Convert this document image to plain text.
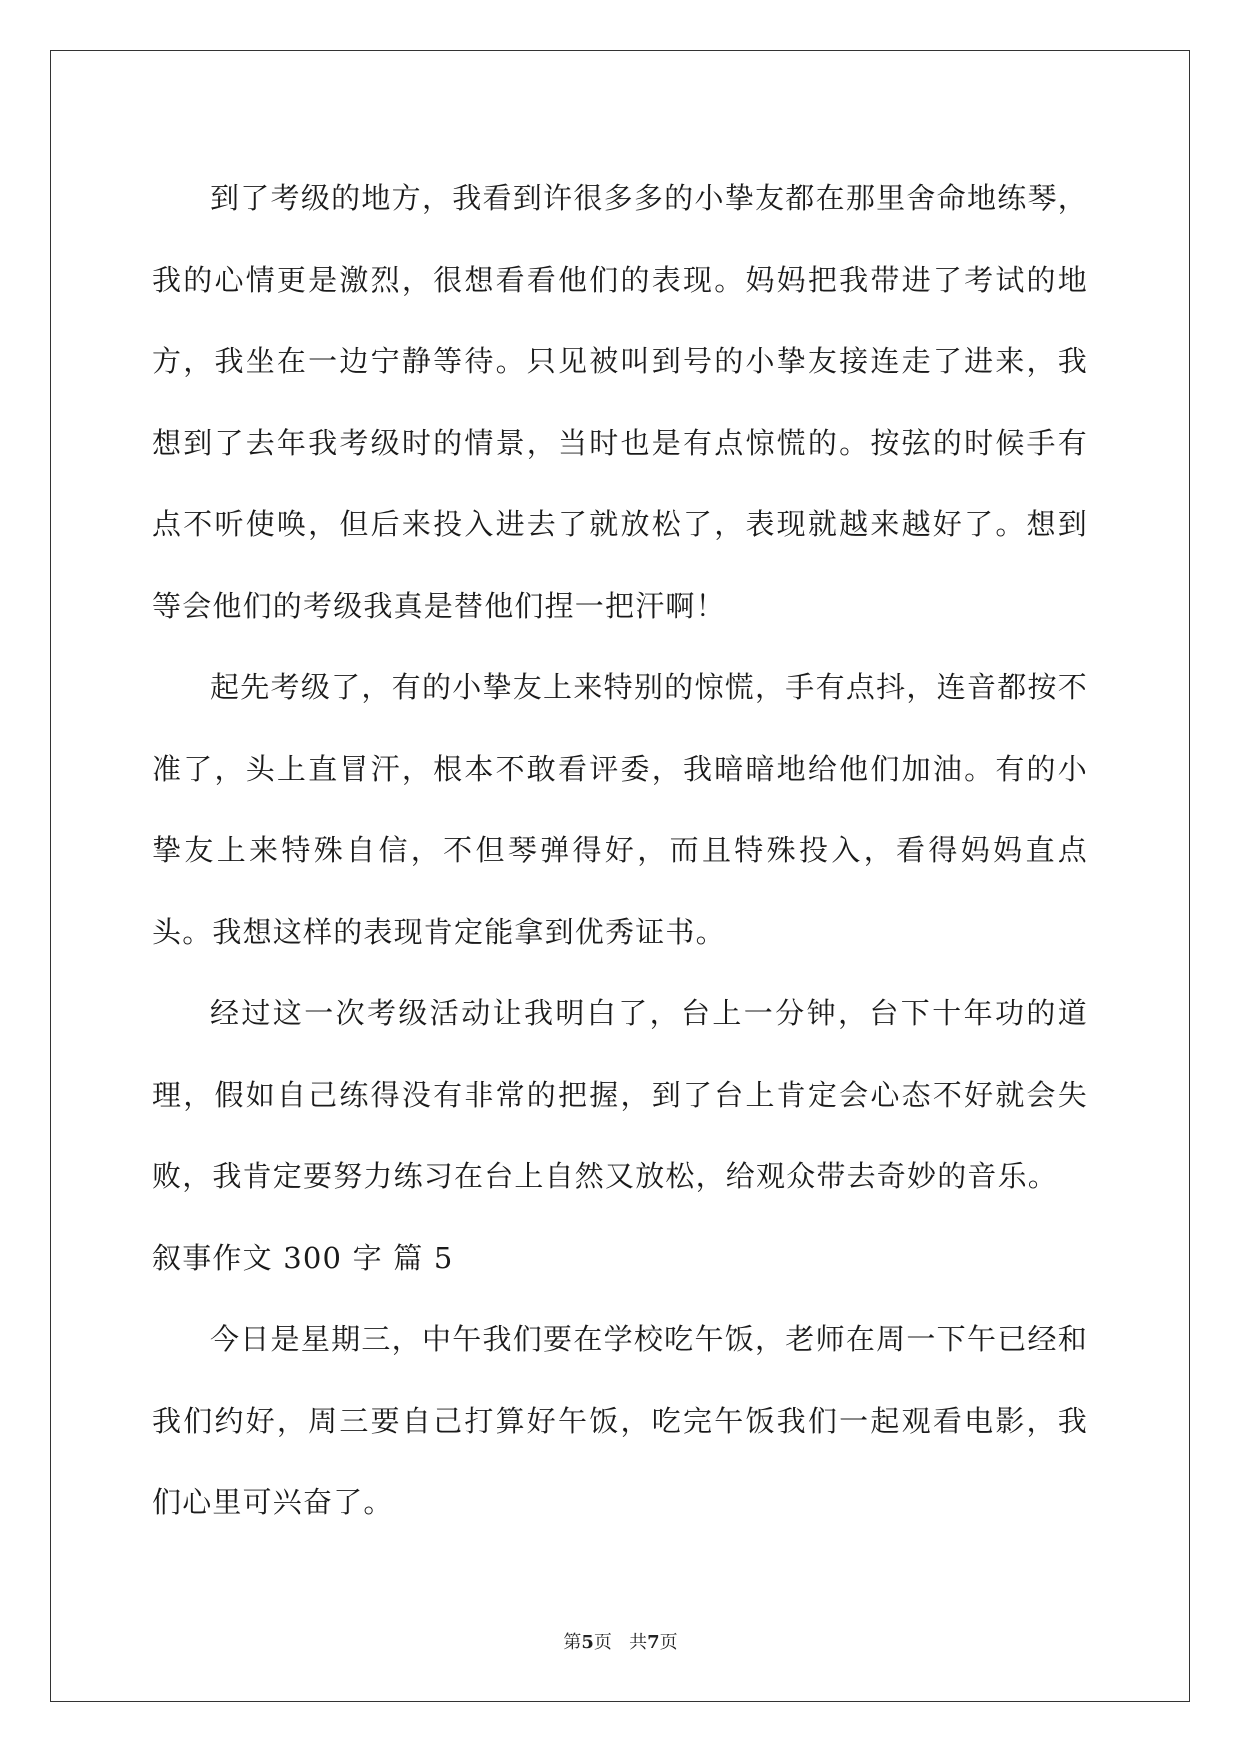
到了考级的地方，我看到许很多多的小挚友都在那里舍命地练琴，我的心情更是激烈，很想看看他们的表现。妈妈把我带进了考试的地方，我坐在一边宁静等待。只见被叫到号的小挚友接连走了进来，我想到了去年我考级时的情景，当时也是有点惊慌的。按弦的时候手有点不听使唤，但后来投入进去了就放松了，表现就越来越好了。想到等会他们的考级我真是替他们捏一把汗啊！

起先考级了，有的小挚友上来特别的惊慌，手有点抖，连音都按不准了，头上直冒汗，根本不敢看评委，我暗暗地给他们加油。有的小挚友上来特殊自信，不但琴弹得好，而且特殊投入，看得妈妈直点头。我想这样的表现肯定能拿到优秀证书。

经过这一次考级活动让我明白了，台上一分钟，台下十年功的道理，假如自己练得没有非常的把握，到了台上肯定会心态不好就会失败，我肯定要努力练习在台上自然又放松，给观众带去奇妙的音乐。

叙事作文 300 字 篇 5

今日是星期三，中午我们要在学校吃午饭，老师在周一下午已经和我们约好，周三要自己打算好午饭，吃完午饭我们一起观看电影，我们心里可兴奋了。

第5页   共7页
